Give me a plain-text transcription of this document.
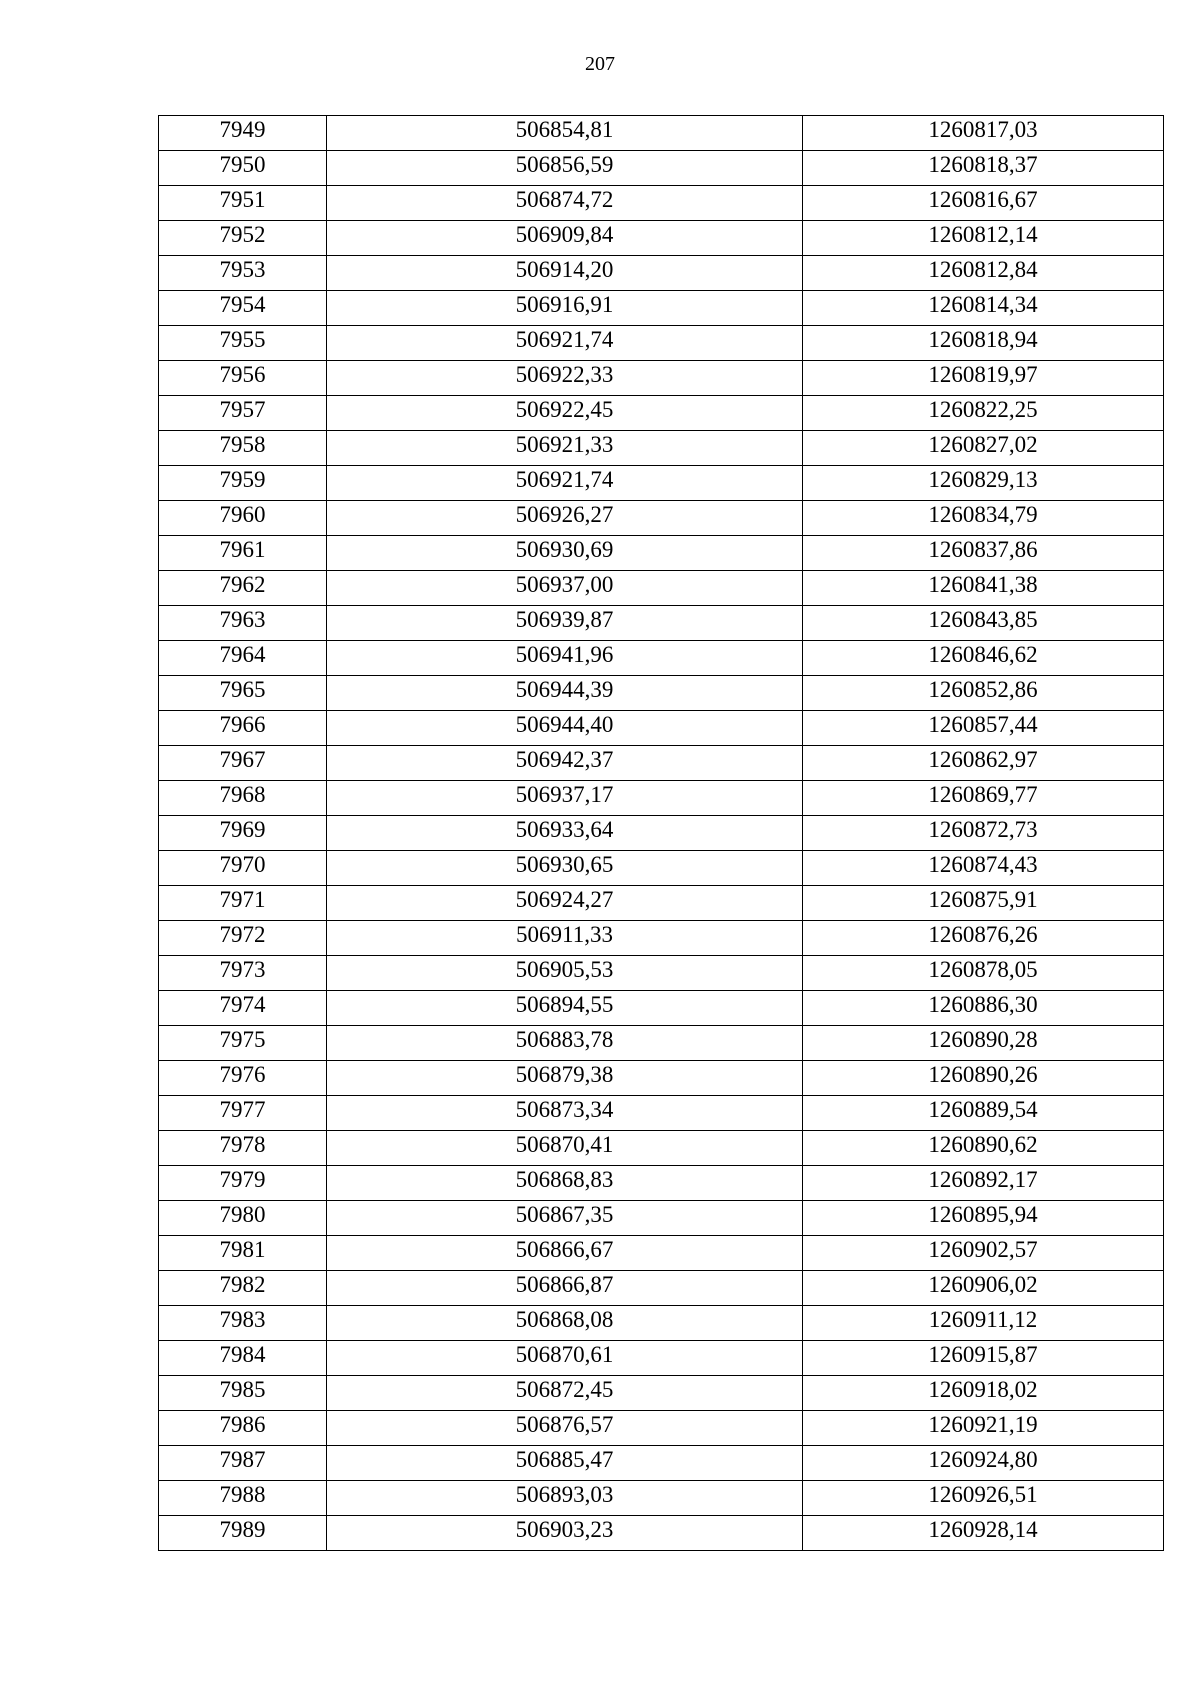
207
7949	506854,81	1260817,03
7950	506856,59	1260818,37
7951	506874,72	1260816,67
7952	506909,84	1260812,14
7953	506914,20	1260812,84
7954	506916,91	1260814,34
7955	506921,74	1260818,94
7956	506922,33	1260819,97
7957	506922,45	1260822,25
7958	506921,33	1260827,02
7959	506921,74	1260829,13
7960	506926,27	1260834,79
7961	506930,69	1260837,86
7962	506937,00	1260841,38
7963	506939,87	1260843,85
7964	506941,96	1260846,62
7965	506944,39	1260852,86
7966	506944,40	1260857,44
7967	506942,37	1260862,97
7968	506937,17	1260869,77
7969	506933,64	1260872,73
7970	506930,65	1260874,43
7971	506924,27	1260875,91
7972	506911,33	1260876,26
7973	506905,53	1260878,05
7974	506894,55	1260886,30
7975	506883,78	1260890,28
7976	506879,38	1260890,26
7977	506873,34	1260889,54
7978	506870,41	1260890,62
7979	506868,83	1260892,17
7980	506867,35	1260895,94
7981	506866,67	1260902,57
7982	506866,87	1260906,02
7983	506868,08	1260911,12
7984	506870,61	1260915,87
7985	506872,45	1260918,02
7986	506876,57	1260921,19
7987	506885,47	1260924,80
7988	506893,03	1260926,51
7989	506903,23	1260928,14
